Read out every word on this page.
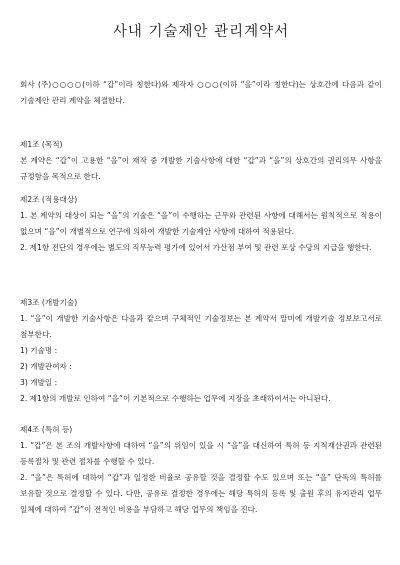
사내 기술제안 관리계약서

회사 (주)○○○○(이하 “갑”이라 칭한다)와 제작자 ○○○(이하 “을”이라 칭한다)는 상호간에 다음과 같이 기술제안 관리 계약을 체결한다.

제1조 (목적)

본 계약은 “갑”이 고용한 “을”이 재작 중 개발한 기술사항에 대한 “갑”과 “을”의 상호간의 권리의무 사항을 규정함을 목적으로 한다.

제2조 (적용대상)

1. 본 계약의 대상이 되는 “을”의 기술은 “을”이 수행하는 근무와 관련된 사항에 대해서는 원칙적으로 적용이 없으며 “을”이 개별적으로 연구에 의하여 개발한 기술제안 사항에 대하여 적용된다.

2. 제1항 전단의 경우에는 별도의 직무능력 평가에 있어서 가산점 부여 및 관련 포상 수당의 지급을 행한다.

제3조 (개발기술)

1. “을”이 개발한 기술사항은 다음과 같으며 구체적인 기술정보는 본 계약서 말미에 개발기술 정보보고서로 첨부한다.

1) 기술명 :

2) 개발관여자 :

3) 개발일 :

2. 제1항의 개발로 인하여 “을”이 기본적으로 수행하는 업무에 지장을 초래하여서는 아니된다.

제4조 (특허 등)

1. “갑”은 본 조의 개발사항에 대하여 “을”의 위임이 있을 시 “을”을 대신하여 특허 등 지적재산권과 관련된 등록절차 및 관련 절차를 수행할 수 있다.

2. “을”은 특허에 대하여 “갑”과 일정한 비율로 공유할 것을 결정할 수도 있으며 또는 “을” 단독의 특허를 보유할 것으로 결정할 수 있다. 다만, 공유로 결정한 경우에는 해당 특허의 등록 및 출원 후의 유지관리 업무 일체에 대하여 “갑”이 전적인 비용을 부담하고 해당 업무의 책임을 진다.
